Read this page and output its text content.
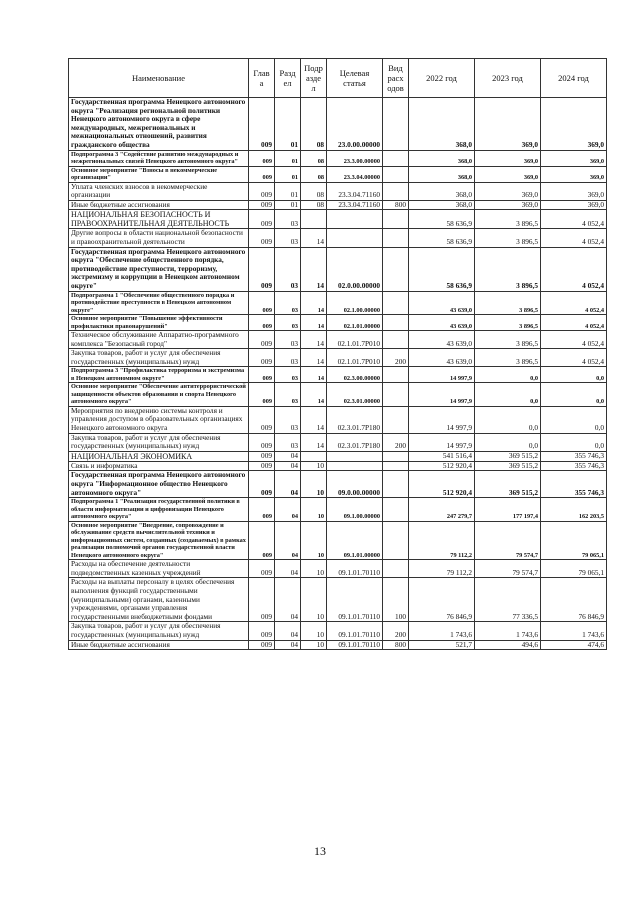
Наименование	Глав а	Разд ел	Подр азде л	Целевая статья	Вид расх одов	2022 год	2023 год	2024 год
Государственная программа Ненецкого автономного округа "Реализация региональной политики Ненецкого автономного округа в сфере международных, межрегиональных и межнациональных отношений, развития гражданского общества	009	01	08	23.0.00.00000		368,0	369,0	369,0
Подпрограмма 3 "Содействие развитию международных и межрегиональных связей Ненецкого автономного округа"	009	01	08	23.3.00.00000		368,0	369,0	369,0
Основное мероприятие "Взносы в некоммерческие организации"	009	01	08	23.3.04.00000		368,0	369,0	369,0
Уплата членских взносов в некоммерческие организации	009	01	08	23.3.04.71160		368,0	369,0	369,0
Иные бюджетные ассигнования	009	01	08	23.3.04.71160	800	368,0	369,0	369,0
НАЦИОНАЛЬНАЯ БЕЗОПАСНОСТЬ И ПРАВООХРАНИТЕЛЬНАЯ ДЕЯТЕЛЬНОСТЬ	009	03				58 636,9	3 896,5	4 052,4
Другие вопросы в области национальной безопасности и правоохранительной деятельности	009	03	14			58 636,9	3 896,5	4 052,4
Государственная программа Ненецкого автономного округа "Обеспечение общественного порядка, противодействие преступности, терроризму, экстремизму и коррупции в Ненецком автономном округе"	009	03	14	02.0.00.00000		58 636,9	3 896,5	4 052,4
Подпрограмма 1 "Обеспечение общественного порядка и противодействие преступности в Ненецком автономном округе"	009	03	14	02.1.00.00000		43 639,0	3 896,5	4 052,4
Основное мероприятие "Повышение эффективности профилактики правонарушений"	009	03	14	02.1.01.00000		43 639,0	3 896,5	4 052,4
Техническое обслуживание Аппаратно-программного комплекса "Безопасный город"	009	03	14	02.1.01.7Р010		43 639,0	3 896,5	4 052,4
Закупка товаров, работ и услуг для обеспечения государственных (муниципальных) нужд	009	03	14	02.1.01.7Р010	200	43 639,0	3 896,5	4 052,4
Подпрограмма 3 "Профилактика терроризма и экстремизма в Ненецком автономном округе"	009	03	14	02.3.00.00000		14 997,9	0,0	0,0
Основное мероприятие "Обеспечение антитеррористической защищенности объектов образования и спорта Ненецкого автономного округа"	009	03	14	02.3.01.00000		14 997,9	0,0	0,0
Мероприятия по внедрению системы контроля и управления доступом в образовательных организациях Ненецкого автономного округа	009	03	14	02.3.01.7Р180		14 997,9	0,0	0,0
Закупка товаров, работ и услуг для обеспечения государственных (муниципальных) нужд	009	03	14	02.3.01.7Р180	200	14 997,9	0,0	0,0
НАЦИОНАЛЬНАЯ ЭКОНОМИКА	009	04				541 516,4	369 515,2	355 746,3
Связь и информатика	009	04	10			512 920,4	369 515,2	355 746,3
Государственная программа Ненецкого автономного округа "Информационное общество Ненецкого автономного округа"	009	04	10	09.0.00.00000		512 920,4	369 515,2	355 746,3
Подпрограмма 1 "Реализация государственной политики в области информатизации и цифровизации Ненецкого автономного округа"	009	04	10	09.1.00.00000		247 279,7	177 197,4	162 203,5
Основное мероприятие "Внедрение, сопровождение и обслуживание средств вычислительной техники и информационных систем, созданных (создаваемых) в рамках реализации полномочий органов государственной власти Ненецкого автономного округа"	009	04	10	09.1.01.00000		79 112,2	79 574,7	79 065,1
Расходы на обеспечение деятельности подведомственных казенных учреждений	009	04	10	09.1.01.70110		79 112,2	79 574,7	79 065,1
Расходы на выплаты персоналу в целях обеспечения выполнения функций государственными (муниципальными) органами, казенными учреждениями, органами управления государственными внебюджетными фондами	009	04	10	09.1.01.70110	100	76 846,9	77 336,5	76 846,9
Закупка товаров, работ и услуг для обеспечения государственных (муниципальных) нужд	009	04	10	09.1.01.70110	200	1 743,6	1 743,6	1 743,6
Иные бюджетные ассигнования	009	04	10	09.1.01.70110	800	521,7	494,6	474,6
13
